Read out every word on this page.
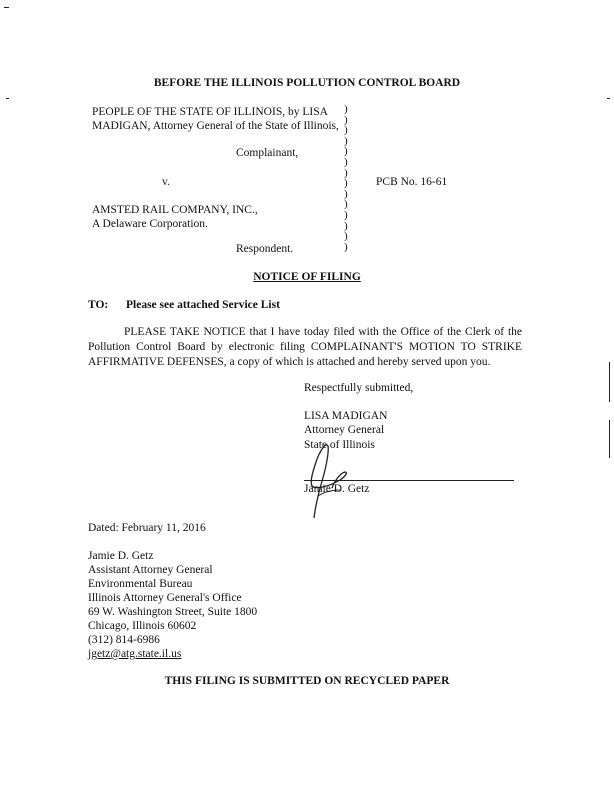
BEFORE THE ILLINOIS POLLUTION CONTROL BOARD
PEOPLE OF THE STATE OF ILLINOIS, by LISA
MADIGAN, Attorney General of the State of Illinois,
Complainant,
v.	PCB No. 16-61
AMSTED RAIL COMPANY, INC.,
A Delaware Corporation.
Respondent.
)
)
)
)
)
)
)
)
)
)
)
)
)
)
NOTICE OF FILING
TO: Please see attached Service List
PLEASE TAKE NOTICE that I have today filed with the Office of the Clerk of the Pollution Control Board by electronic filing COMPLAINANT'S MOTION TO STRIKE AFFIRMATIVE DEFENSES, a copy of which is attached and hereby served upon you.
Respectfully submitted,
LISA MADIGAN
Attorney General
State of Illinois
Jamie D. Getz
Dated: February 11, 2016
Jamie D. Getz
Assistant Attorney General
Environmental Bureau
Illinois Attorney General's Office
69 W. Washington Street, Suite 1800
Chicago, Illinois 60602
(312) 814-6986
jgetz@atg.state.il.us
THIS FILING IS SUBMITTED ON RECYCLED PAPER
